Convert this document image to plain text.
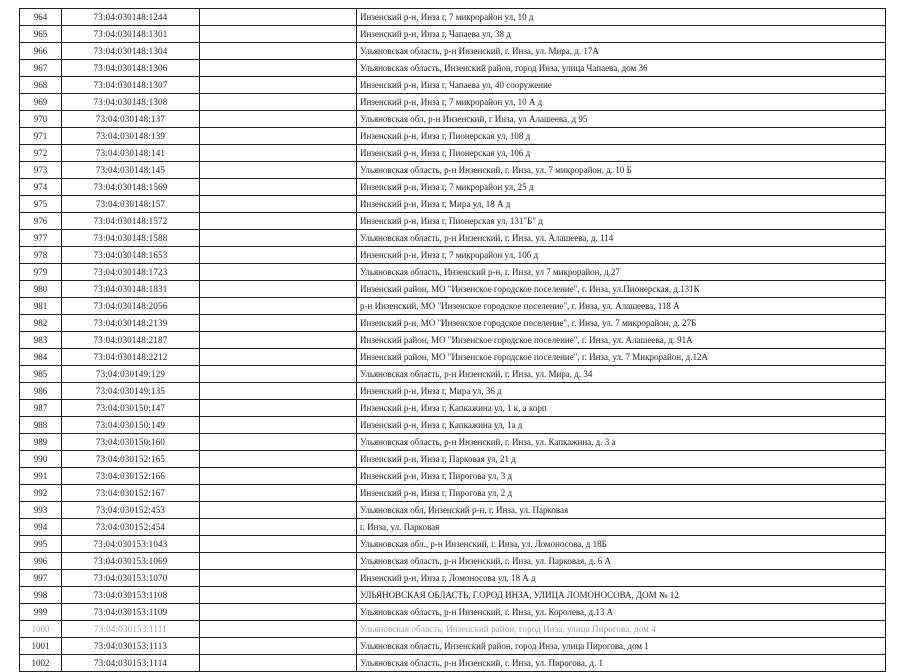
964	73:04:030148:1244		Инзенский р-н, Инза г, 7 микрорайон ул, 10 д
965	73:04:030148:1301		Инзенский р-н, Инза г, Чапаева ул, 38 д
966	73:04:030148:1304		Ульяновская область, р-н Инзенский, г. Инза, ул. Мира, д. 17А
967	73:04:030148:1306		Ульяновская область, Инзенский район, город Инза, улица Чапаева, дом 36
968	73:04:030148:1307		Инзенский р-н, Инза г, Чапаева ул, 40 сооружение
969	73:04:030148:1308		Инзенский р-н, Инза г, 7 микрорайон ул, 10 А д
970	73:04:030148:137		Ульяновская обл, р-н Инзенский, г Инза, ул Алашеева, д 95
971	73:04:030148:139		Инзенский р-н, Инза г, Пионерская ул, 108 д
972	73:04:030148:141		Инзенский р-н, Инза г, Пионерская ул, 106 д
973	73:04:030148:145		Ульяновская область, р-н Инзенский, г. Инза, ул. 7 микрорайон, д. 10 Б
974	73:04:030148:1569		Инзенский р-н, Инза г, 7 микрорайон ул, 25 д
975	73:04:030148:157		Инзенский р-н, Инза г, Мира ул, 18 А д
976	73:04:030148:1572		Инзенский р-н, Инза г, Пионерская ул, 131"Б" д
977	73:04:030148:1588		Ульяновская область, р-н Инзенский, г. Инза, ул. Алашеева, д. 114
978	73:04:030148:1653		Инзенский р-н, Инза г, 7 микрорайон ул, 10б д
979	73:04:030148:1723		Ульяновская область, Инзенский р-н, г. Инза, ул 7 микрорайон, д.27
980	73:04:030148:1831		Инзенский район, МО "Инзенское городское поселение", г. Инза, ул.Пионерская, д.131К
981	73:04:030148:2056		р-н Инзенский, МО "Инзенское городское поселение", г. Инза, ул. Алашеева, 118 А
982	73:04:030148:2139		Инзенский р-н, МО "Инзенское городское поселение", г. Инза, ул. 7 микрорайон, д. 27Б
983	73:04:030148:2187		Инзенский район, МО "Инзенское городское поселение", г. Инза, ул. Алашеева, д. 91А
984	73:04:030148:2212		Инзенский район, МО "Инзенское городское поселение", г. Инза, ул. 7 Микрорайон, д.12А
985	73:04:030149:129		Ульяновская область, р-н Инзенский, г. Инза, ул. Мира, д. 34
986	73:04:030149:135		Инзенский р-н, Инза г, Мира ул, 36 д
987	73:04:030150:147		Инзенский р-н, Инза г, Капкажина ул, 1 к, а корп
988	73:04:030150:149		Инзенский р-н, Инза г, Капкажина ул, 1а д
989	73:04:030150:160		Ульяновская область, р-н Инзенский, г. Инза, ул. Капкажина, д. 3 а
990	73:04:030152:165		Инзенский р-н, Инза г, Парковая ул, 21 д
991	73:04:030152:166		Инзенский р-н, Инза г, Пирогова ул, 3 д
992	73:04:030152:167		Инзенский р-н, Инза г, Пирогова ул, 2 д
993	73:04:030152:453		Ульяновская обл, Инзенский р-н, г. Инза, ул. Парковая
994	73:04:030152:454		г. Инза, ул. Парковая
995	73:04:030153:1043		Ульяновская обл., р-н Инзенский, г. Инза, ул. Ломоносова, д 18Б
996	73:04:030153:1069		Ульяновская область, р-н Инзенский, г. Инза, ул. Парковая, д. 6 А
997	73:04:030153:1070		Инзенский р-н, Инза г, Ломоносова ул, 18 А д
998	73:04:030153:1108		УЛЬЯНОВСКАЯ ОБЛАСТЬ, Г.ОРОД ИНЗА, УЛИЦА ЛОМОНОСОВА, ДОМ № 12
999	73:04:030153:1109		Ульяновская область, р-н Инзенский, г. Инза, ул. Королева, д.13 А
1000	73:04:030153:1111		Ульяновская область, Инзенский район, город Инза, улица Пирогова, дом 4
1001	73:04:030153:1113		Ульяновская область, Инзенский район, город Инза, улица Пирогова, дом 1
1002	73:04:030153:1114		Ульяновская область, р-н Инзенский, г. Инза, ул. Пирогова, д. 1
